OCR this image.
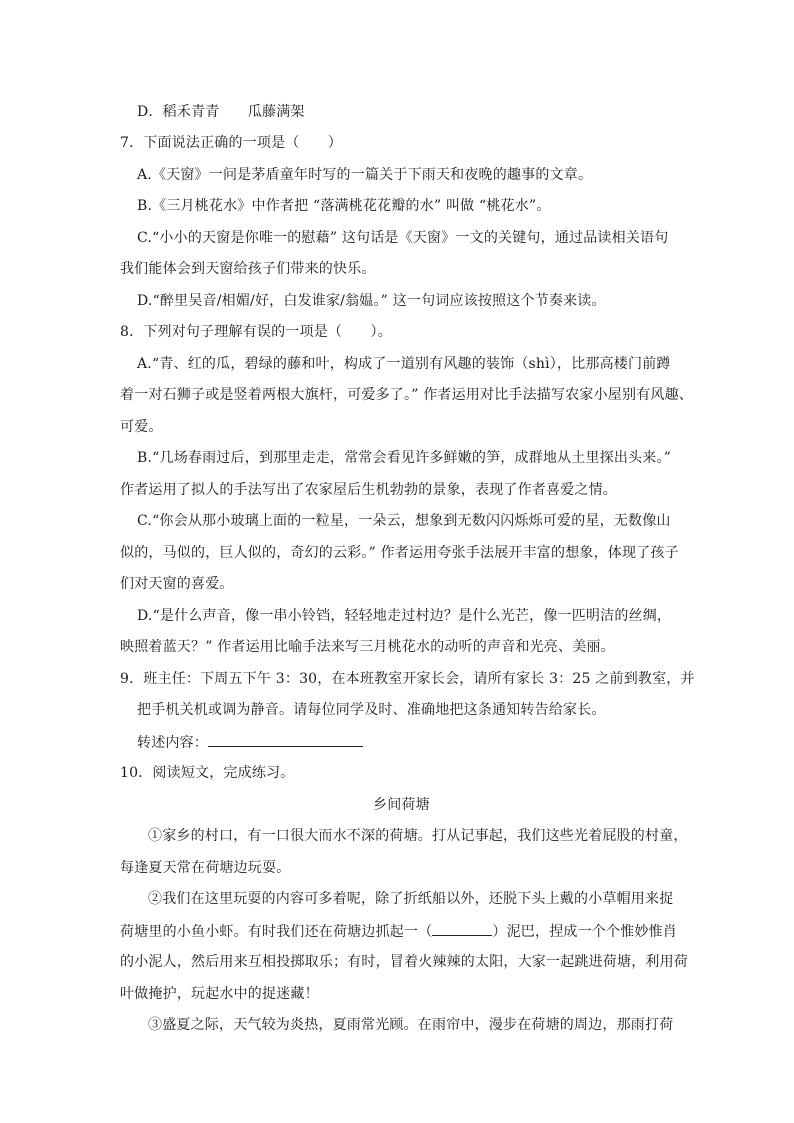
D．稻禾青青　　瓜藤满架
7．下面说法正确的一项是（　　）
A.《天窗》一问是茅盾童年时写的一篇关于下雨天和夜晚的趣事的文章。
B.《三月桃花水》中作者把 “落满桃花花瓣的水” 叫做 “桃花水”。
C.“小小的天窗是你唯一的慰藉” 这句话是《天窗》一文的关键句，通过品读相关语句
我们能体会到天窗给孩子们带来的快乐。
D.“醉里吴音/相媚/好，白发谁家/翁媪。” 这一句词应该按照这个节奏来读。
8．下列对句子理解有误的一项是（　　）。
A.“青、红的瓜，碧绿的藤和叶，构成了一道别有风趣的装饰（shì），比那高楼门前蹲
着一对石狮子或是竖着两根大旗杆，可爱多了。” 作者运用对比手法描写农家小屋别有风趣、
可爱。
B.“几场春雨过后，到那里走走，常常会看见许多鲜嫩的笋，成群地从土里探出头来。”
作者运用了拟人的手法写出了农家屋后生机勃勃的景象，表现了作者喜爱之情。
C.“你会从那小玻璃上面的一粒星，一朵云，想象到无数闪闪烁烁可爱的星，无数像山
似的，马似的，巨人似的，奇幻的云彩。” 作者运用夸张手法展开丰富的想象，体现了孩子
们对天窗的喜爱。
D.“是什么声音，像一串小铃铛，轻轻地走过村边？是什么光芒，像一匹明洁的丝绸，
映照着蓝天？” 作者运用比喻手法来写三月桃花水的动听的声音和光亮、美丽。
9．班主任：下周五下午 3：30，在本班教室开家长会，请所有家长 3：25 之前到教室，并
把手机关机或调为静音。请每位同学及时、准确地把这条通知转告给家长。
转述内容：
10．阅读短文，完成练习。
乡间荷塘
①家乡的村口，有一口很大而水不深的荷塘。打从记事起，我们这些光着屁股的村童，
每逢夏天常在荷塘边玩耍。
②我们在这里玩耍的内容可多着呢，除了折纸船以外，还脱下头上戴的小草帽用来捉
荷塘里的小鱼小虾。有时我们还在荷塘边抓起一（	）泥巴，捏成一个个惟妙惟肖
的小泥人，然后用来互相投掷取乐；有时，冒着火辣辣的太阳，大家一起跳进荷塘，利用荷
叶做掩护，玩起水中的捉迷藏！
③盛夏之际，天气较为炎热，夏雨常光顾。在雨帘中，漫步在荷塘的周边，那雨打荷
